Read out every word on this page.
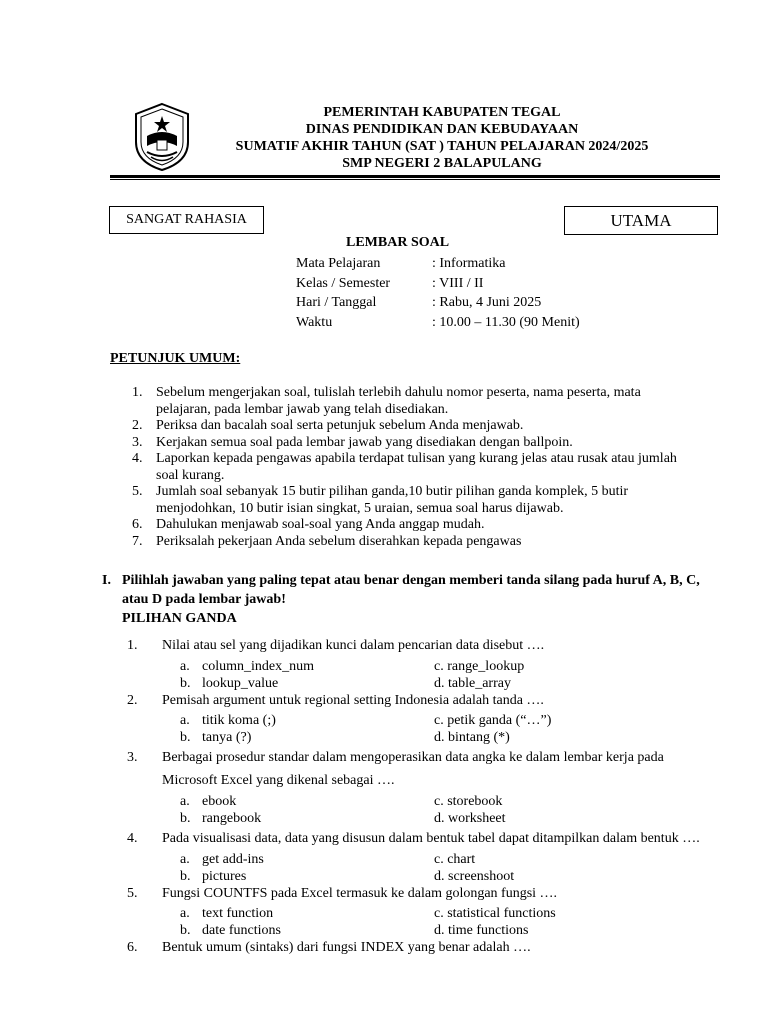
PEMERINTAH KABUPATEN TEGAL
DINAS PENDIDIKAN DAN KEBUDAYAAN
SUMATIF AKHIR TAHUN (SAT ) TAHUN PELAJARAN 2024/2025
SMP NEGERI 2 BALAPULANG
SANGAT RAHASIA	UTAMA
LEMBAR SOAL
Mata Pelajaran	: Informatika
Kelas / Semester	: VIII / II
Hari / Tanggal	: Rabu, 4 Juni 2025
Waktu	: 10.00 – 11.30 (90 Menit)
PETUNJUK UMUM:
1. Sebelum mengerjakan soal, tulislah terlebih dahulu nomor peserta, nama peserta, mata pelajaran, pada lembar jawab yang telah disediakan.
2. Periksa dan bacalah soal serta petunjuk sebelum Anda menjawab.
3. Kerjakan semua soal pada lembar jawab yang disediakan dengan ballpoin.
4. Laporkan kepada pengawas apabila terdapat tulisan yang kurang jelas atau rusak atau jumlah soal kurang.
5. Jumlah soal sebanyak 15 butir pilihan ganda,10 butir pilihan ganda komplek, 5 butir menjodohkan, 10 butir isian singkat, 5 uraian, semua soal harus dijawab.
6. Dahulukan menjawab soal-soal yang Anda anggap mudah.
7. Periksalah pekerjaan Anda sebelum diserahkan kepada pengawas
I. Pilihlah jawaban yang paling tepat atau benar dengan memberi tanda silang pada huruf A, B, C, atau D pada lembar jawab!
PILIHAN GANDA
1.	Nilai atau sel yang dijadikan kunci dalam pencarian data disebut ….
a. column_index_num	c. range_lookup
b. lookup_value	d. table_array
2.	Pemisah argument untuk regional setting Indonesia adalah tanda ….
a. titik koma (;)	c. petik ganda (“…”)
b. tanya (?)	d. bintang (*)
3.	Berbagai prosedur standar dalam mengoperasikan data angka ke dalam lembar kerja pada Microsoft Excel yang dikenal sebagai ….
a. ebook	c. storebook
b. rangebook	d. worksheet
4.	Pada visualisasi data, data yang disusun dalam bentuk tabel dapat ditampilkan dalam bentuk ….
a. get add-ins	c. chart
b. pictures	d. screenshoot
5.	Fungsi COUNTFS pada Excel termasuk ke dalam golongan fungsi ….
a. text function	c. statistical functions
b. date functions	d. time functions
6.	Bentuk umum (sintaks) dari fungsi INDEX yang benar adalah ….
